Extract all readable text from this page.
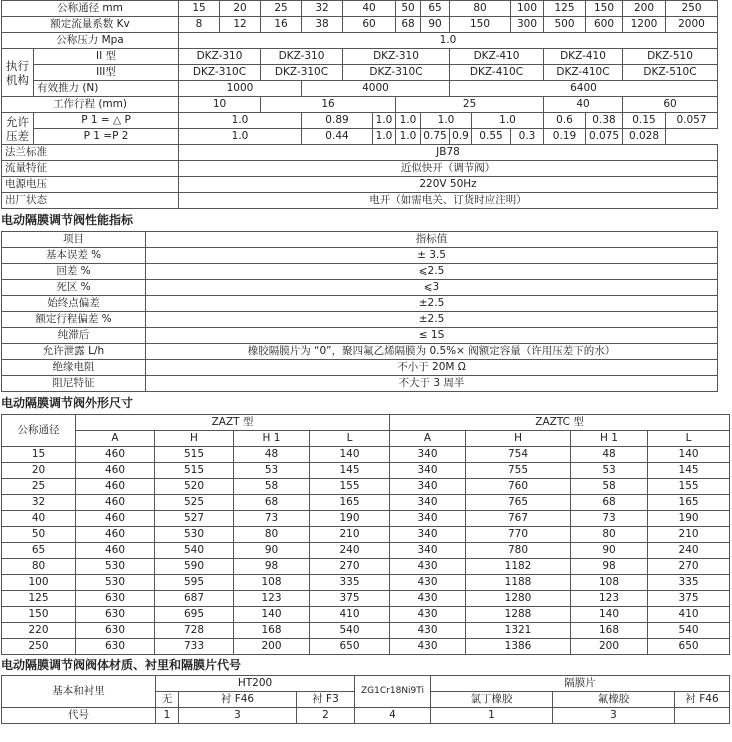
公称通径 mm		15	20	25	32	40		50	65	80		100	125	150	200	250
额定流量系数 Kv		8	12	16	38	60		68	90	150		300	500	600	1200	2000
公称压力 Mpa		1.0														
执行机构	II 型	DKZ-310		DKZ-310		DKZ-310				DKZ-410			DKZ-410		DKZ-510	
	III型	DKZ-310C		DKZ-310C		DKZ-310C				DKZ-410C			DKZ-410C		DKZ-510C	
	有效推力 (N)	1000			4000					6400						
工作行程 (mm)		10		16				25					40		60	
允许压差	P 1 = △ P	1.0			0.89		1.0	1.0	1.0		1.0		0.6	0.38	0.15	0.057
	P 1 =P 2	1.0			0.44		1.0	1.0	0.75	0.9	0.55	0.3	0.19	0.075	0.028	
法兰标准		JB78														
流量特征		近似快开（调节阀）														
电源电压		220V 50Hz														
出厂状态		电开（如需电关、订货时应注明）														
电动隔膜调节阀性能指标
项目	指标值
基本误差 %	± 3.5
回差 %	⩽2.5
死区 %	⩽3
始终点偏差	±2.5
额定行程偏差 %	±2.5
纯滞后	≤ 1S
允许泄露 L/h	橡胶隔膜片为 “0”，聚四氟乙烯隔膜为 0.5%× 阀额定容量（许用压差下的水）
绝缘电阻	不小于 20M Ω
阻尼特征	不大于 3 周半
电动隔膜调节阀外形尺寸
公称通径	ZAZT 型				ZAZTC 型			
	A	H	H 1	L	A	H	H 1	L
15	460	515	48	140	340	754	48	140
20	460	515	53	145	340	755	53	145
25	460	520	58	155	340	760	58	155
32	460	525	68	165	340	765	68	165
40	460	527	73	190	340	767	73	190
50	460	530	80	210	340	770	80	210
65	460	540	90	240	340	780	90	240
80	530	590	98	270	430	1182	98	270
100	530	595	108	335	430	1188	108	335
125	630	687	123	375	430	1280	123	375
150	630	695	140	410	430	1288	140	410
220	630	728	168	540	430	1321	168	540
250	630	733	200	650	430	1386	200	650
电动隔膜调节阀阀体材质、衬里和隔膜片代号
基本和衬里	HT200			ZG1Cr18Ni9Ti	隔膜片		
	无	衬 F46	衬 F3		氯丁橡胶	氟橡胶	衬 F46
代号	1	3	2	4	1	3	
